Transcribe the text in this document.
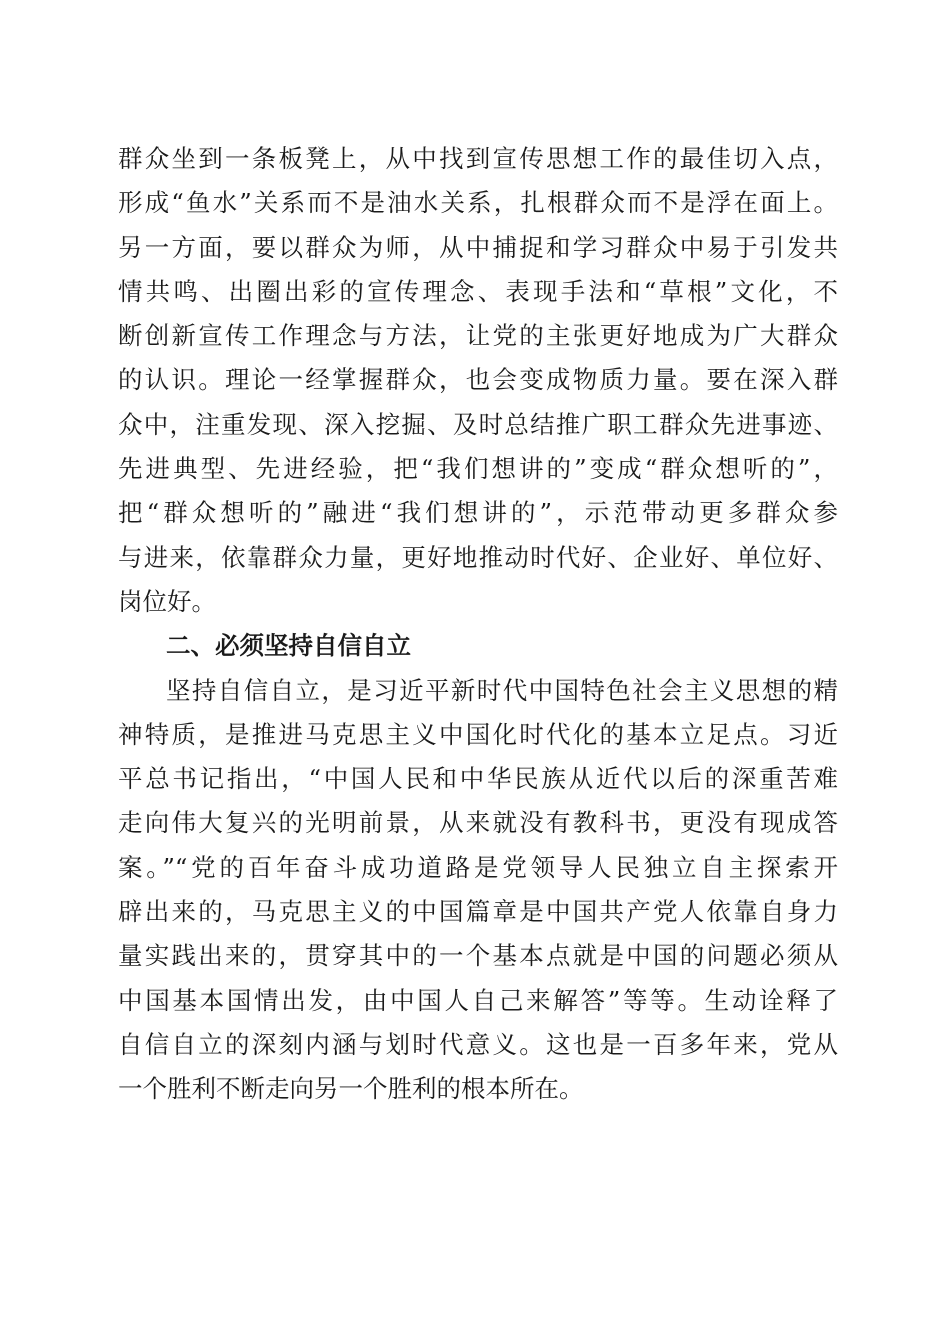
群众坐到一条板凳上，从中找到宣传思想工作的最佳切入点，
形成“鱼水”关系而不是油水关系，扎根群众而不是浮在面上。
另一方面，要以群众为师，从中捕捉和学习群众中易于引发共
情共鸣、出圈出彩的宣传理念、表现手法和“草根”文化，不
断创新宣传工作理念与方法，让党的主张更好地成为广大群众
的认识。理论一经掌握群众，也会变成物质力量。要在深入群
众中，注重发现、深入挖掘、及时总结推广职工群众先进事迹、
先进典型、先进经验，把“我们想讲的”变成“群众想听的”，
把“群众想听的”融进“我们想讲的”，示范带动更多群众参
与进来，依靠群众力量，更好地推动时代好、企业好、单位好、
岗位好。
二、必须坚持自信自立
坚持自信自立，是习近平新时代中国特色社会主义思想的精
神特质，是推进马克思主义中国化时代化的基本立足点。习近
平总书记指出，“中国人民和中华民族从近代以后的深重苦难
走向伟大复兴的光明前景，从来就没有教科书，更没有现成答
案。”“党的百年奋斗成功道路是党领导人民独立自主探索开
辟出来的，马克思主义的中国篇章是中国共产党人依靠自身力
量实践出来的，贯穿其中的一个基本点就是中国的问题必须从
中国基本国情出发，由中国人自己来解答”等等。生动诠释了
自信自立的深刻内涵与划时代意义。这也是一百多年来，党从
一个胜利不断走向另一个胜利的根本所在。
